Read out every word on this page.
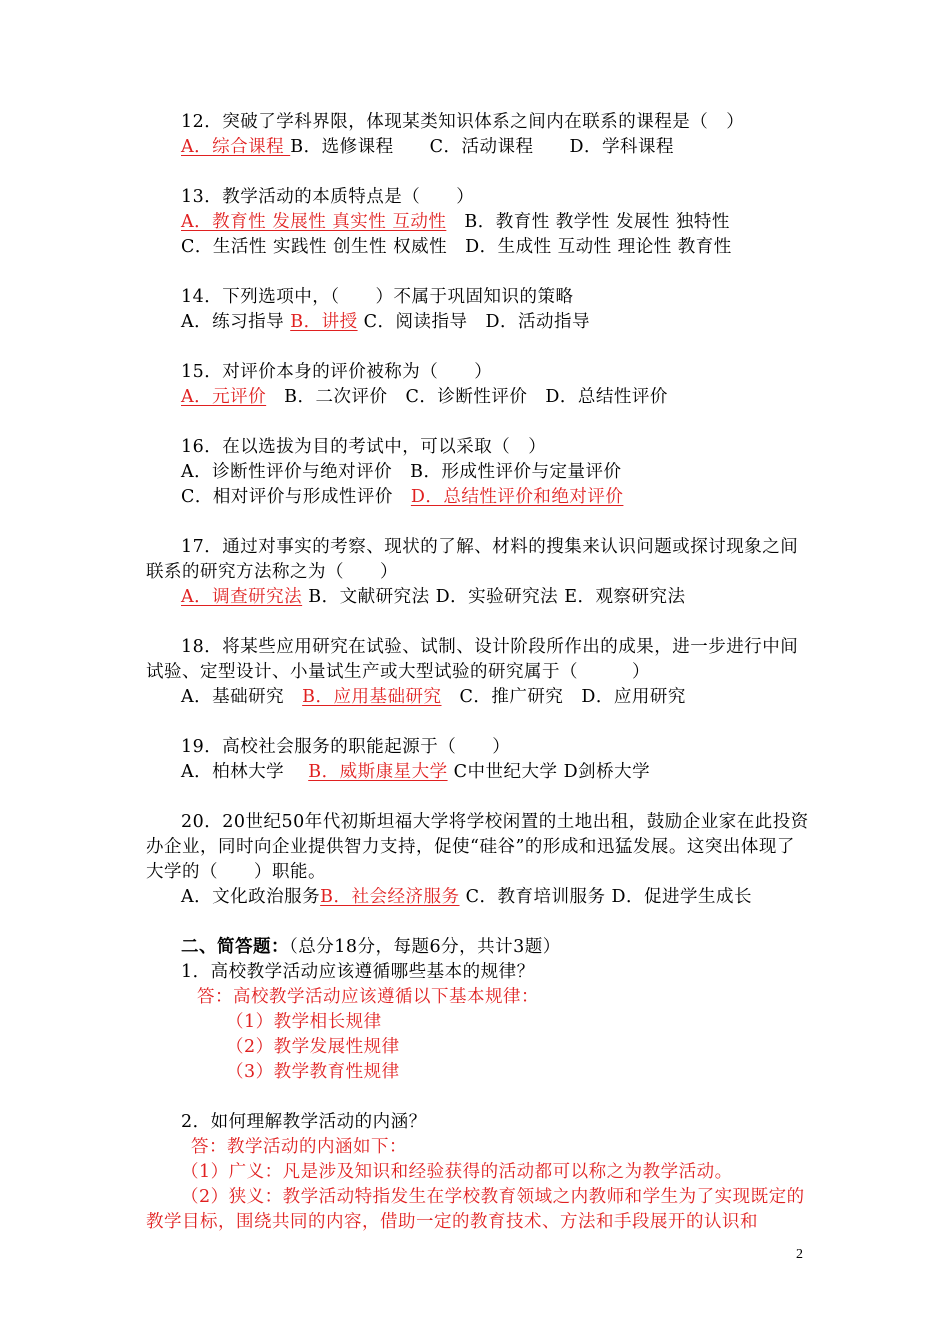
12．突破了学科界限，体现某类知识体系之间内在联系的课程是（　）
A．综合课程 B．选修课程　　C．活动课程　　D．学科课程
13．教学活动的本质特点是（　　）
A．教育性 发展性 真实性 互动性　B．教育性 教学性 发展性 独特性
C．生活性 实践性 创生性 权威性　D．生成性 互动性 理论性 教育性
14．下列选项中，（　　）不属于巩固知识的策略
A．练习指导 B．讲授 C．阅读指导　D．活动指导
15．对评价本身的评价被称为（　　）
A．元评价　B．二次评价　C．诊断性评价　D．总结性评价
16．在以选拔为目的考试中，可以采取（　）
A．诊断性评价与绝对评价　B．形成性评价与定量评价
C．相对评价与形成性评价　D．总结性评价和绝对评价
17．通过对事实的考察、现状的了解、材料的搜集来认识问题或探讨现象之间联系的研究方法称之为（　　）
A．调查研究法 B．文献研究法 D．实验研究法 E．观察研究法
18．将某些应用研究在试验、试制、设计阶段所作出的成果，进一步进行中间试验、定型设计、小量试生产或大型试验的研究属于（　　　）
A．基础研究　B．应用基础研究　C．推广研究　D．应用研究
19．高校社会服务的职能起源于（　　）
A．柏林大学　 B．威斯康星大学 C中世纪大学 D剑桥大学
20．20世纪50年代初斯坦福大学将学校闲置的土地出租，鼓励企业家在此投资办企业，同时向企业提供智力支持，促使“硅谷”的形成和迅猛发展。这突出体现了大学的（　　）职能。
A．文化政治服务B．社会经济服务 C．教育培训服务 D．促进学生成长
二、简答题：（总分18分，每题6分，共计3题）
1．高校教学活动应该遵循哪些基本的规律？
答：高校教学活动应该遵循以下基本规律：
（1）教学相长规律
（2）教学发展性规律
（3）教学教育性规律
2．如何理解教学活动的内涵？
答：教学活动的内涵如下：
（1）广义：凡是涉及知识和经验获得的活动都可以称之为教学活动。
（2）狭义：教学活动特指发生在学校教育领域之内教师和学生为了实现既定的教学目标，围绕共同的内容，借助一定的教育技术、方法和手段展开的认识和
2
